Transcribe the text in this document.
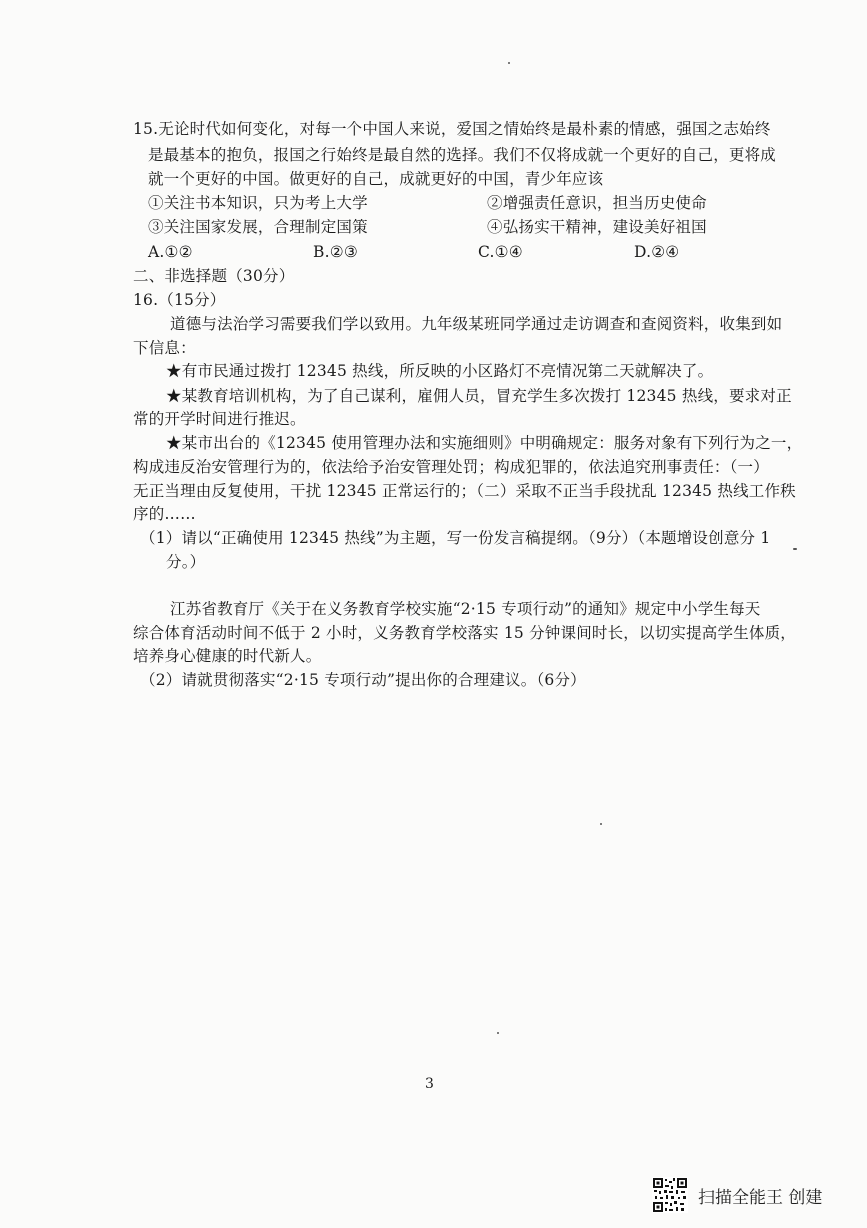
15.无论时代如何变化，对每一个中国人来说，爱国之情始终是最朴素的情感，强国之志始终
是最基本的抱负，报国之行始终是最自然的选择。我们不仅将成就一个更好的自己，更将成
就一个更好的中国。做更好的自己，成就更好的中国，青少年应该
①关注书本知识，只为考上大学	②增强责任意识，担当历史使命
③关注国家发展，合理制定国策	④弘扬实干精神，建设美好祖国
A.①②	B.②③	C.①④	D.②④
二、非选择题（30分）
16.（15分）
道德与法治学习需要我们学以致用。九年级某班同学通过走访调查和查阅资料，收集到如
下信息：
★有市民通过拨打 12345 热线，所反映的小区路灯不亮情况第二天就解决了。
★某教育培训机构，为了自己谋利，雇佣人员，冒充学生多次拨打 12345 热线，要求对正
常的开学时间进行推迟。
★某市出台的《12345 使用管理办法和实施细则》中明确规定：服务对象有下列行为之一，
构成违反治安管理行为的，依法给予治安管理处罚；构成犯罪的，依法追究刑事责任：（一）
无正当理由反复使用，干扰 12345 正常运行的；（二）采取不正当手段扰乱 12345 热线工作秩
序的……
（1）请以“正确使用 12345 热线”为主题，写一份发言稿提纲。（9分）（本题增设创意分 1
分。）
江苏省教育厅《关于在义务教育学校实施“2·15 专项行动”的通知》规定中小学生每天
综合体育活动时间不低于 2 小时，义务教育学校落实 15 分钟课间时长，以切实提高学生体质，
培养身心健康的时代新人。
（2）请就贯彻落实“2·15 专项行动”提出你的合理建议。（6分）
3
扫描全能王 创建
